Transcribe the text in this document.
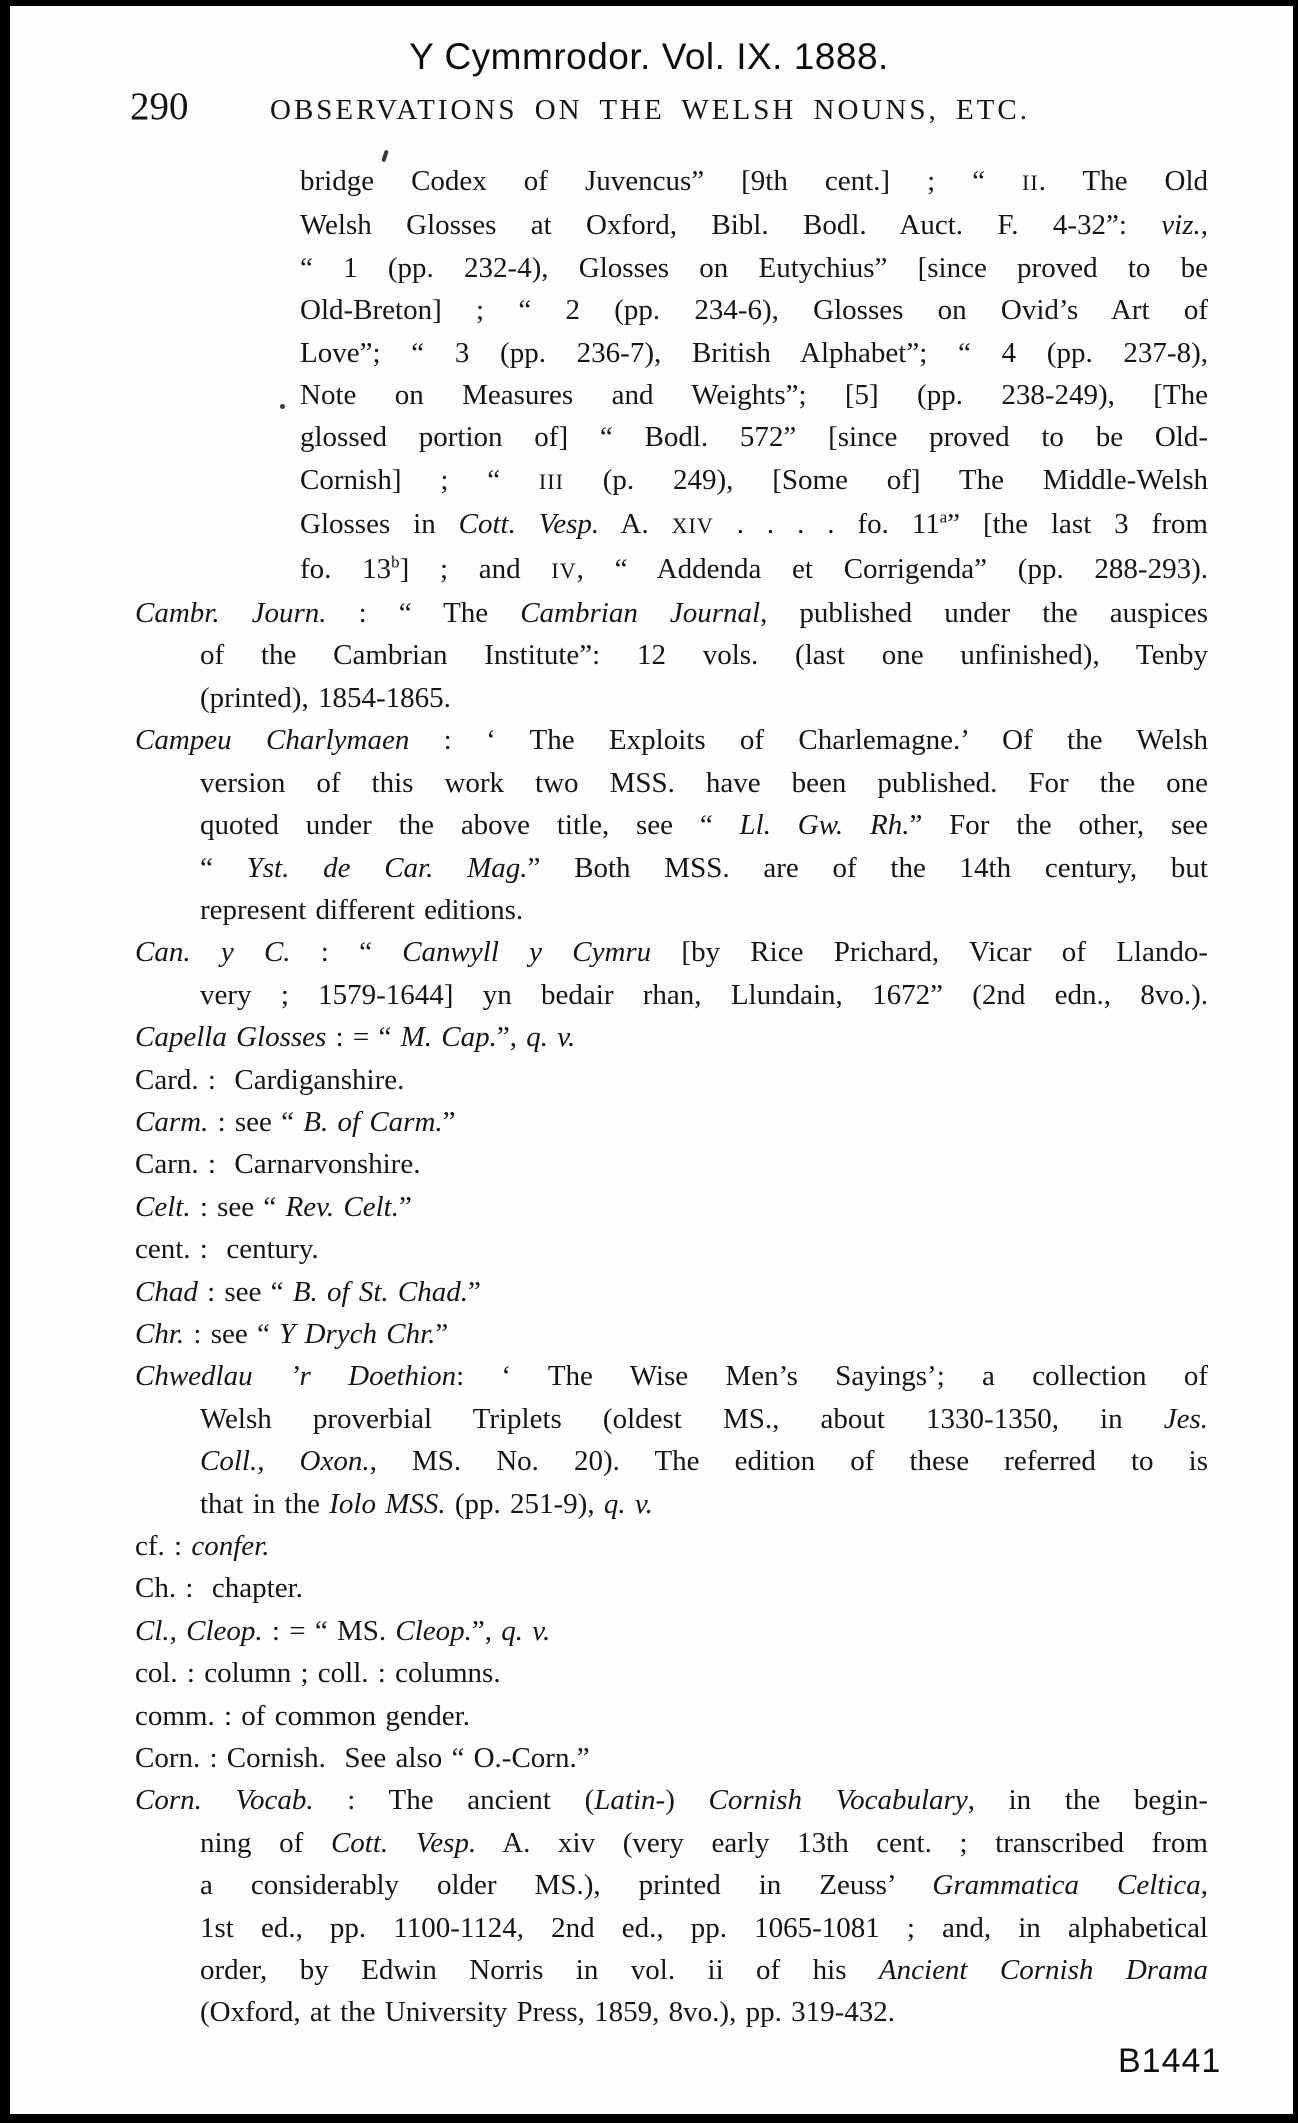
Y Cymmrodor. Vol. IX. 1888.
290	OBSERVATIONS ON THE WELSH NOUNS, ETC.
bridge Codex of Juvencus” [9th cent.] ; “ II. The Old
Welsh Glosses at Oxford, Bibl. Bodl. Auct. F. 4-32”: viz.,
“ 1 (pp. 232-4), Glosses on Eutychius” [since proved to be
Old-Breton] ; “ 2 (pp. 234-6), Glosses on Ovid’s Art of
Love”; “ 3 (pp. 236-7), British Alphabet”; “ 4 (pp. 237-8),
Note on Measures and Weights”; [5] (pp. 238-249), [The
glossed portion of] “ Bodl. 572” [since proved to be Old-
Cornish] ; “ III (p. 249), [Some of] The Middle-Welsh
Glosses in Cott. Vesp. A. XIV . . . . fo. 11$^a$” [the last 3 from
fo. 13$^b$] ; and IV, “ Addenda et Corrigenda” (pp. 288-293).
Cambr. Journ. : “ The Cambrian Journal, published under the auspices
of the Cambrian Institute”: 12 vols. (last one unfinished), Tenby
(printed), 1854-1865.
Campeu Charlymaen : ‘ The Exploits of Charlemagne.’ Of the Welsh
version of this work two MSS. have been published. For the one
quoted under the above title, see “ Ll. Gw. Rh.” For the other, see
“ Yst. de Car. Mag.” Both MSS. are of the 14th century, but
represent different editions.
Can. y C. : “ Canwyll y Cymru [by Rice Prichard, Vicar of Llando-
very ; 1579-1644] yn bedair rhan, Llundain, 1672” (2nd edn., 8vo.).
Capella Glosses : = “ M. Cap.”, q. v.
Card. :  Cardiganshire.
Carm. : see “ B. of Carm.”
Carn. :  Carnarvonshire.
Celt. : see “ Rev. Celt.”
cent. :  century.
Chad : see “ B. of St. Chad.”
Chr. : see “ Y Drych Chr.”
Chwedlau ’r Doethion: ‘ The Wise Men’s Sayings’; a collection of
Welsh proverbial Triplets (oldest MS., about 1330-1350, in Jes.
Coll., Oxon., MS. No. 20). The edition of these referred to is
that in the Iolo MSS. (pp. 251-9), q. v.
cf. : confer.
Ch. :  chapter.
Cl., Cleop. : = “ MS. Cleop.”, q. v.
col. : column ; coll. : columns.
comm. : of common gender.
Corn. : Cornish.  See also “ O.-Corn.”
Corn. Vocab. : The ancient (Latin-) Cornish Vocabulary, in the begin-
ning of Cott. Vesp. A. xiv (very early 13th cent. ; transcribed from
a considerably older MS.), printed in Zeuss’ Grammatica Celtica,
1st ed., pp. 1100-1124, 2nd ed., pp. 1065-1081 ; and, in alphabetical
order, by Edwin Norris in vol. ii of his Ancient Cornish Drama
(Oxford, at the University Press, 1859, 8vo.), pp. 319-432.
B1441
